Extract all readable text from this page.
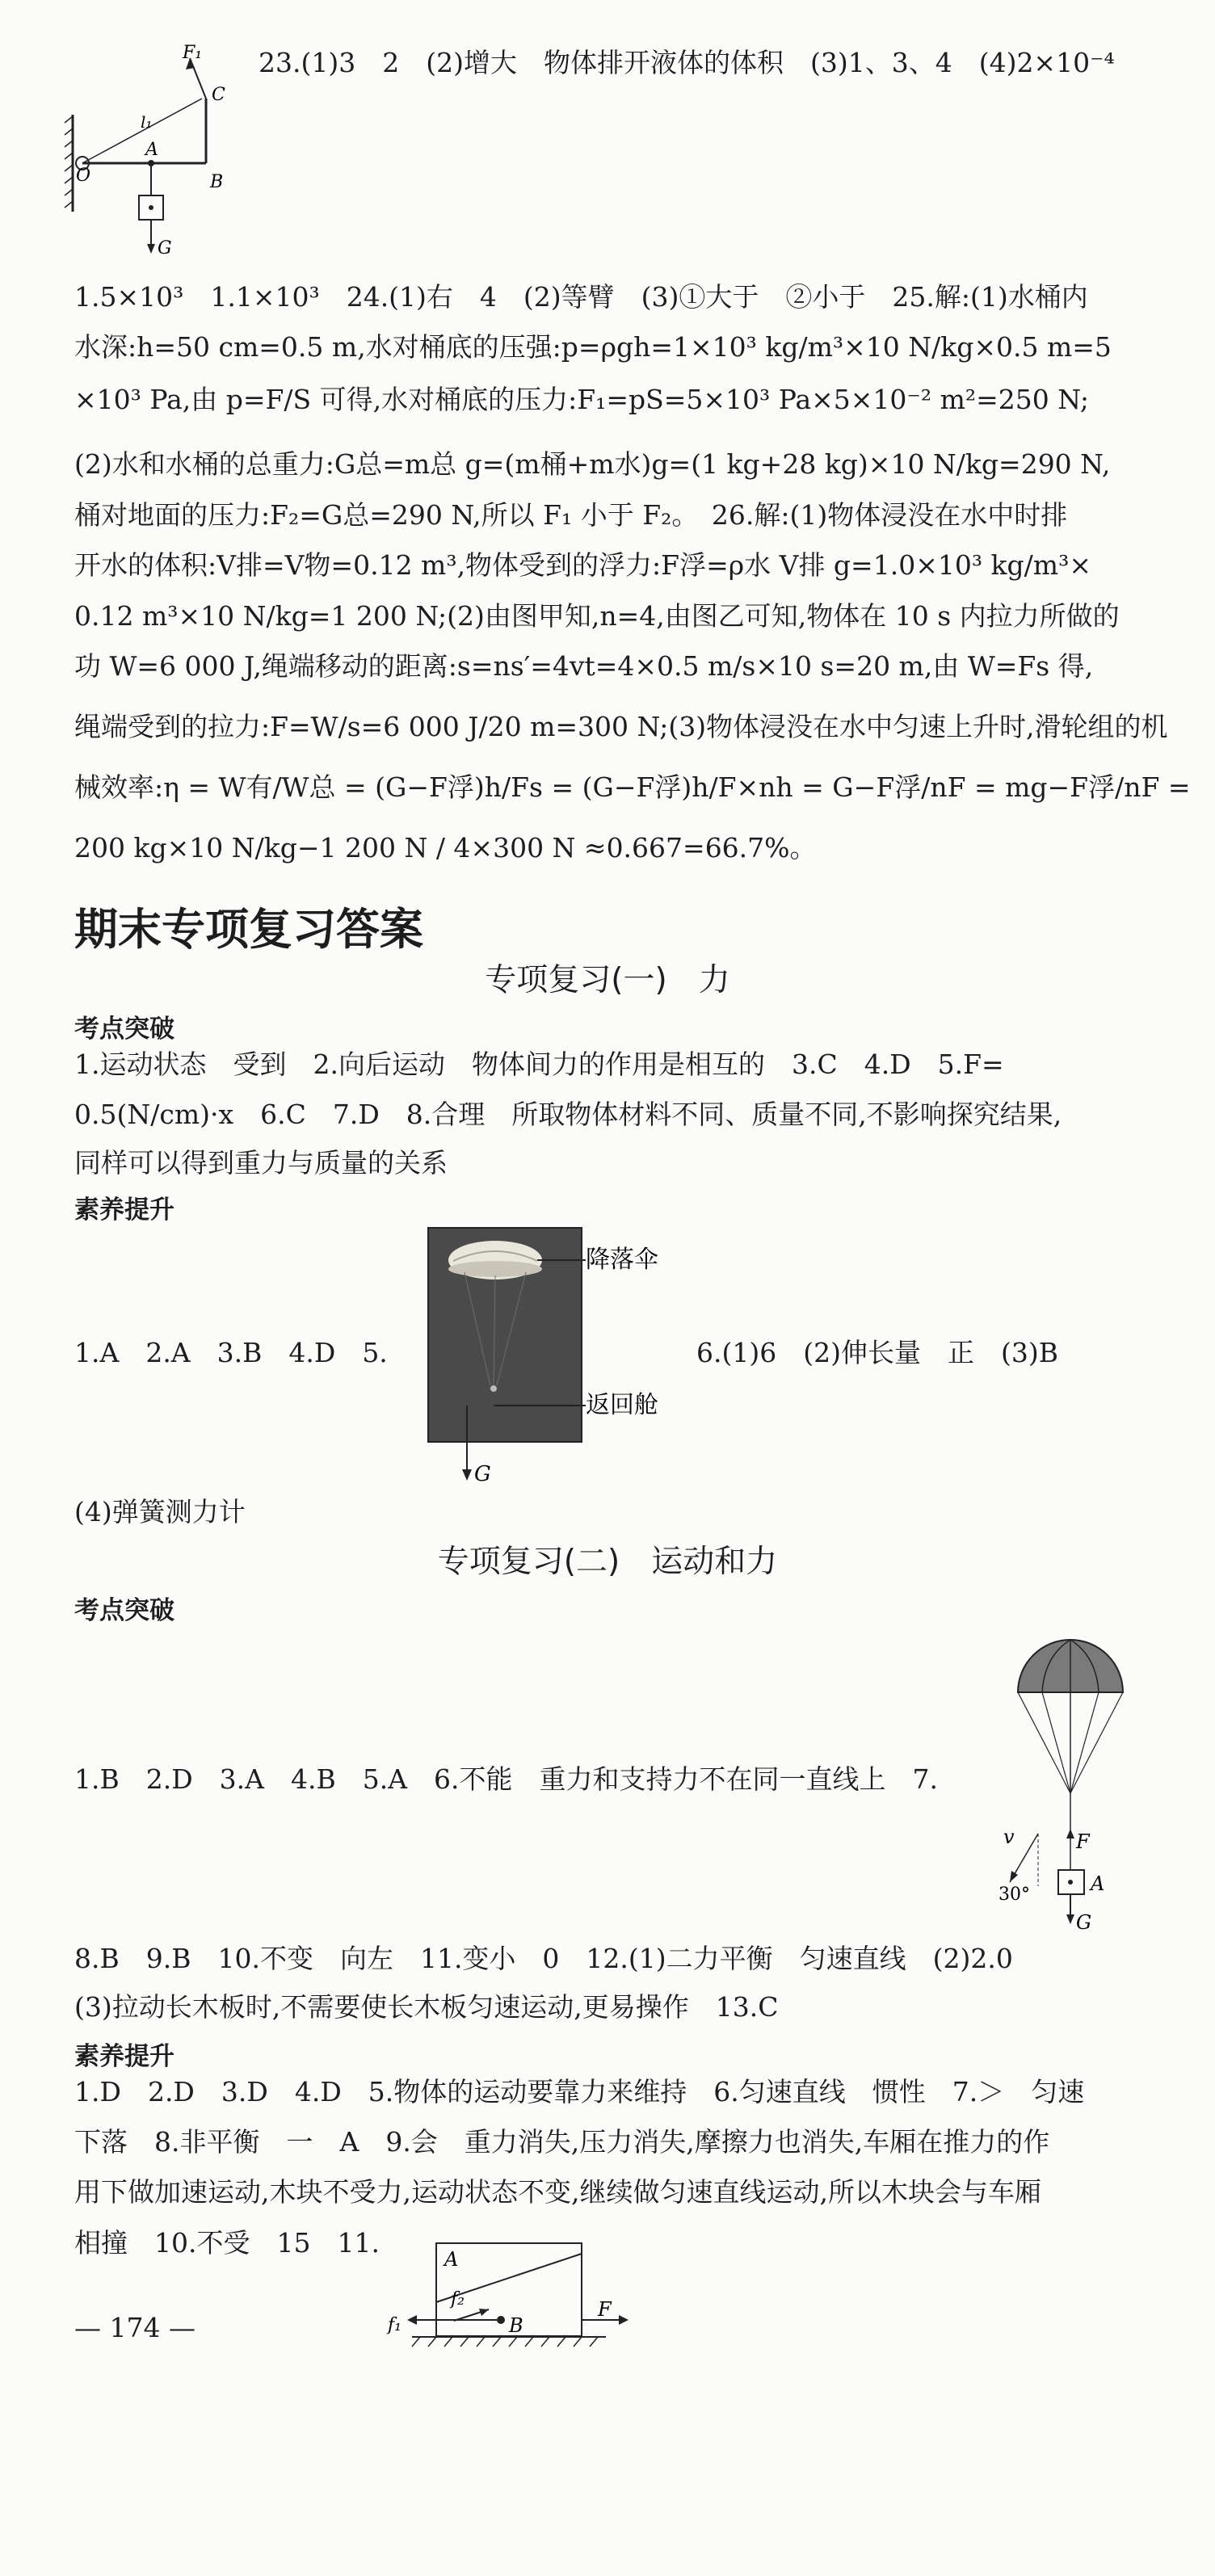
23.(1)3　2　(2)增大　物体排开液体的体积　(3)1、3、4　(4)2×10⁻⁴
F₁
l₁
C
A
O	B
G
1.5×10³　1.1×10³　24.(1)右　4　(2)等臂　(3)①大于　②小于　25.解:(1)水桶内
水深:h=50 cm=0.5 m,水对桶底的压强:p=ρgh=1×10³ kg/m³×10 N/kg×0.5 m=5
×10³ Pa,由 p=F/S 可得,水对桶底的压力:F₁=pS=5×10³ Pa×5×10⁻² m²=250 N;
(2)水和水桶的总重力:G总=m总 g=(m桶+m水)g=(1 kg+28 kg)×10 N/kg=290 N,
桶对地面的压力:F₂=G总=290 N,所以 F₁ 小于 F₂。　26.解:(1)物体浸没在水中时排
开水的体积:V排=V物=0.12 m³,物体受到的浮力:F浮=ρ水 V排 g=1.0×10³ kg/m³×
0.12 m³×10 N/kg=1 200 N;(2)由图甲知,n=4,由图乙可知,物体在 10 s 内拉力所做的
功 W=6 000 J,绳端移动的距离:s=ns′=4vt=4×0.5 m/s×10 s=20 m,由 W=Fs 得,
绳端受到的拉力:F=W/s=6 000 J/20 m=300 N;(3)物体浸没在水中匀速上升时,滑轮组的机
械效率:η = W有/W总 = (G−F浮)h/Fs = (G−F浮)h/F×nh = G−F浮/nF = mg−F浮/nF =
200 kg×10 N/kg−1 200 N / 4×300 N ≈0.667=66.7%。
期末专项复习答案
专项复习(一)　力
考点突破
1.运动状态　受到　2.向后运动　物体间力的作用是相互的　3.C　4.D　5.F=
0.5(N/cm)·x　6.C　7.D　8.合理　所取物体材料不同、质量不同,不影响探究结果,
同样可以得到重力与质量的关系
素养提升
1.A　2.A　3.B　4.D　5.
降落伞
返回舱
G
6.(1)6　(2)伸长量　正　(3)B
(4)弹簧测力计
专项复习(二)　运动和力
考点突破
1.B　2.D　3.A　4.B　5.A　6.不能　重力和支持力不在同一直线上　7.
F
A
G
v
30°
8.B　9.B　10.不变　向左　11.变小　0　12.(1)二力平衡　匀速直线　(2)2.0
(3)拉动长木板时,不需要使长木板匀速运动,更易操作　13.C
素养提升
1.D　2.D　3.D　4.D　5.物体的运动要靠力来维持　6.匀速直线　惯性　7.＞　匀速
下落　8.非平衡　一　A　9.会　重力消失,压力消失,摩擦力也消失,车厢在推力的作
用下做加速运动,木块不受力,运动状态不变,继续做匀速直线运动,所以木块会与车厢
相撞　10.不受　15　11.
— 174 —
A
f₂
f₁	B
F
